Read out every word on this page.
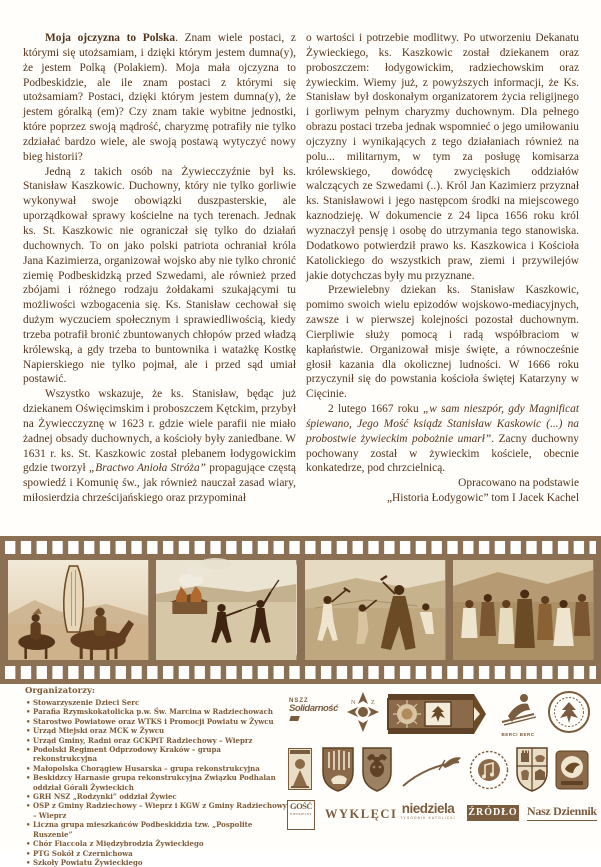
Moja ojczyzna to Polska. Znam wiele postaci, z którymi się utożsamiam, i dzięki którym jestem dumna(y), że jestem Polką (Polakiem). Moja mała ojczyzna to Podbeskidzie, ale ile znam postaci z którymi się utożsamiam? Postaci, dzięki którym jestem dumna(y), że jestem góralką (em)? Czy znam takie wybitne jednostki, które poprzez swoją mądrość, charyzmę potrafiły nie tylko zdziałać bardzo wiele, ale swoją postawą wytyczyć nowy bieg historii?

Jedną z takich osób na Żywiecczyźnie był ks. Stanisław Kaszkowic. Duchowny, który nie tylko gorliwie wykonywał swoje obowiązki duszpasterskie, ale uporządkował sprawy kościelne na tych terenach. Jednak ks. St. Kaszkowic nie ograniczał się tylko do działań duchownych. To on jako polski patriota ochraniał króla Jana Kazimierza, organizował wojsko aby nie tylko chronić ziemię Podbeskidzką przed Szwedami, ale również przed zbójami i różnego rodzaju żołdakami szukającymi tu możliwości wzbogacenia się. Ks. Stanisław cechował się dużym wyczuciem społecznym i sprawiedliwością, kiedy trzeba potrafił bronić zbuntowanych chłopów przed władzą królewską, a gdy trzeba to buntownika i watażkę Kostkę Napierskiego nie tylko pojmał, ale i przed sąd umiał postawić.

Wszystko wskazuje, że ks. Stanisław, będąc już dziekanem Oświęcimskim i proboszczem Kętckim, przybył na Żywiecczyznę w 1623 r. gdzie wiele parafii nie miało żadnej obsady duchownych, a kościoły były zaniedbane. W 1631 r. ks. St. Kaszkowic został plebanem łodygowickim gdzie tworzył „Bractwo Anioła Stróża” propagujące częstą spowiedź i Komunię św., jak również nauczał zasad wiary, miłosierdzia chrześcijańskiego oraz przypominał

o wartości i potrzebie modlitwy. Po utworzeniu Dekanatu Żywieckiego, ks. Kaszkowic został dziekanem oraz proboszczem: łodygowickim, radziechowskim oraz żywieckim. Wiemy już, z powyższych informacji, że Ks. Stanisław był doskonałym organizatorem życia religijnego i gorliwym pełnym charyzmy duchownym. Dla pełnego obrazu postaci trzeba jednak wspomnieć o jego umiłowaniu ojczyzny i wynikających z tego działaniach również na polu... militarnym, w tym za posługę komisarza królewskiego, dowódcę zwycięskich oddziałów walczących ze Szwedami (..). Król Jan Kazimierz przyznał ks. Stanisławowi i jego następcom środki na miejscowego kaznodzieję. W dokumencie z 24 lipca 1656 roku król wyznaczył pensję i osobę do utrzymania tego stanowiska. Dodatkowo potwierdził prawo ks. Kaszkowica i Kościoła Katolickiego do wszystkich praw, ziemi i przywilejów jakie dotychczas były mu przyznane.

Przewielebny dziekan ks. Stanisław Kaszkowic, pomimo swoich wielu epizodów wojskowo-mediacyjnych, zawsze i w pierwszej kolejności pozostał duchownym. Cierpliwie służy pomocą i radą współbraciom w kapłaństwie. Organizował misje święte, a równocześnie głosił kazania dla okolicznej ludności. W 1666 roku przyczynił się do powstania kościoła świętej Katarzyny w Cięcinie.

2 lutego 1667 roku „w sam nieszpór, gdy Magnificat śpiewano, Jego Mość ksiądz Stanisław Kaskowic (...) na probostwie żywieckim pobożnie umarł”. Zacny duchowny pochowany został w żywieckim kościele, obecnie konkatedrze, pod chrzcielnicą.

Opracowano na podstawie
„Historia Łodygowic” tom I Jacek Kachel

Organizatorzy:
• Stowarzyszenie Dzieci Serc
• Parafia Rzymskokatolicka p.w. Św. Marcina w Radziechowach
• Starostwo Powiatowe oraz WTKS i Promocji Powiatu w Żywcu
• Urząd Miejski oraz MCK w Żywcu
• Urząd Gminy, Radni oraz GCKPiT Radziechowy – Wieprz
• Podolski Regiment Odprzodowy Kraków – grupa rekonstrukcyjna
• Małopolska Chorągiew Husarska – grupa rekonstrukcyjna
• Beskidzcy Harnasie grupa rekonstrukcyjna Związku Podhalan oddział Górali Żywieckich
• GRH NSZ „Rodzynki” oddział Żywiec
• OSP z Gminy Radziechowy – Wieprz i KGW z Gminy Radziechowy – Wieprz
• Liczna grupa mieszkańców Podbeskidzia tzw. „Pospolite Ruszenie”
• Chór Fiaccola z Międzybrodzia Żywieckiego
• PTG Sokół z Czernichowa
• Szkoły Powiatu Żywieckiego
NSZZ
Solidarność	N	Z
BERCI BERC
GOŚĆ
NIEDZIELNY WYKLĘCI niedziela
TYGODNIK KATOLICKI	ŹRÓDŁO Nasz Dziennik
